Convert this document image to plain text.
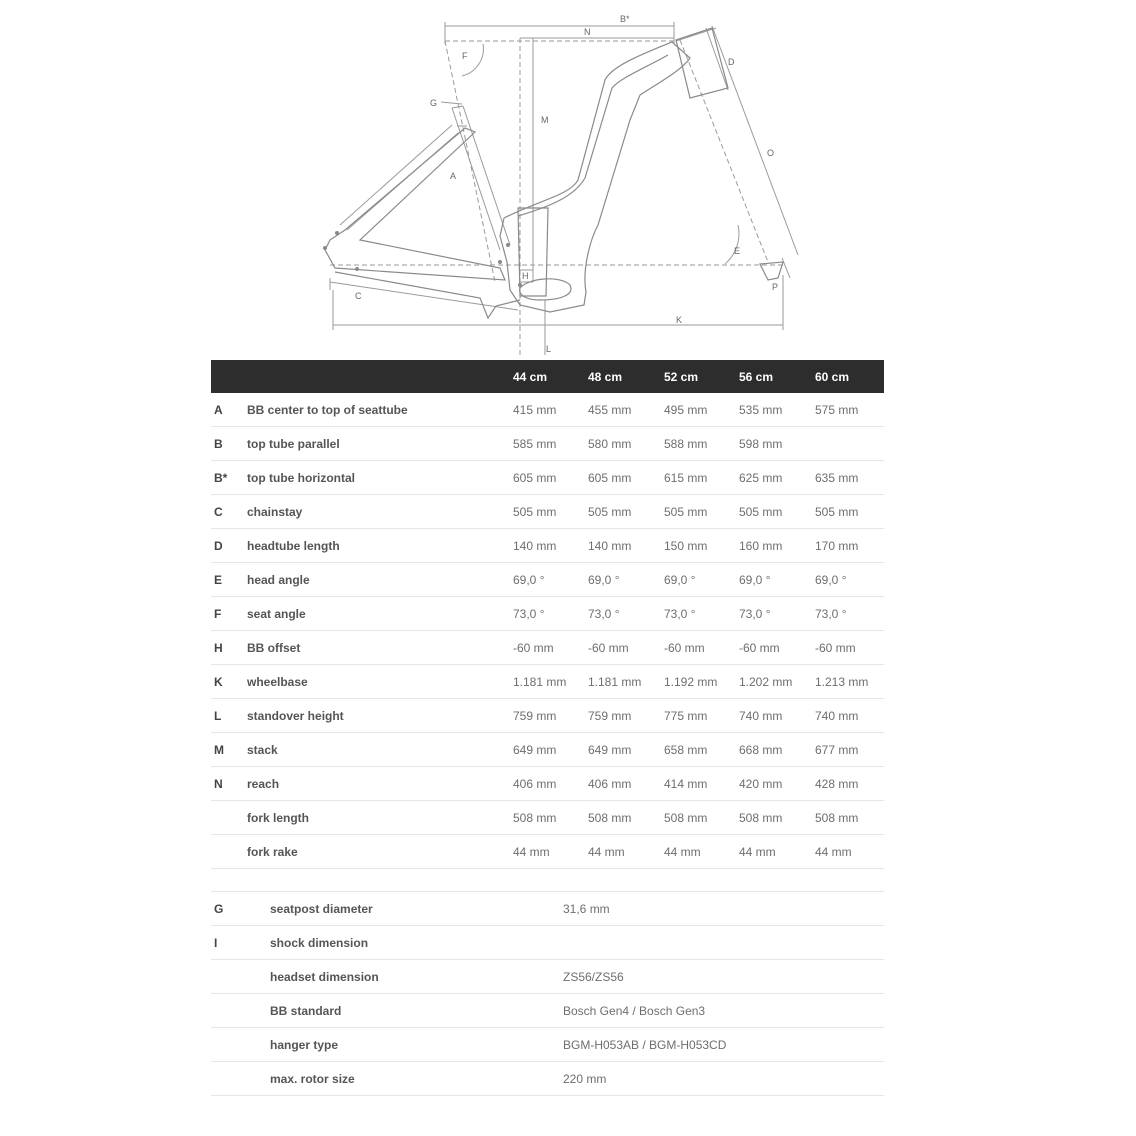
B*
N
F
G
D
M
A
O
E
H
C
K
P
L
		44 cm	48 cm	52 cm	56 cm	60 cm
A	BB center to top of seattube	415 mm	455 mm	495 mm	535 mm	575 mm
B	top tube parallel	585 mm	580 mm	588 mm	598 mm	
B*	top tube horizontal	605 mm	605 mm	615 mm	625 mm	635 mm
C	chainstay	505 mm	505 mm	505 mm	505 mm	505 mm
D	headtube length	140 mm	140 mm	150 mm	160 mm	170 mm
E	head angle	69,0 °	69,0 °	69,0 °	69,0 °	69,0 °
F	seat angle	73,0 °	73,0 °	73,0 °	73,0 °	73,0 °
H	BB offset	-60 mm	-60 mm	-60 mm	-60 mm	-60 mm
K	wheelbase	1.181 mm	1.181 mm	1.192 mm	1.202 mm	1.213 mm
L	standover height	759 mm	759 mm	775 mm	740 mm	740 mm
M	stack	649 mm	649 mm	658 mm	668 mm	677 mm
N	reach	406 mm	406 mm	414 mm	420 mm	428 mm
	fork length	508 mm	508 mm	508 mm	508 mm	508 mm
	fork rake	44 mm	44 mm	44 mm	44 mm	44 mm
G	seatpost diameter	31,6 mm
I	shock dimension	
	headset dimension	ZS56/ZS56
	BB standard	Bosch Gen4 / Bosch Gen3
	hanger type	BGM-H053AB / BGM-H053CD
	max. rotor size	220 mm
